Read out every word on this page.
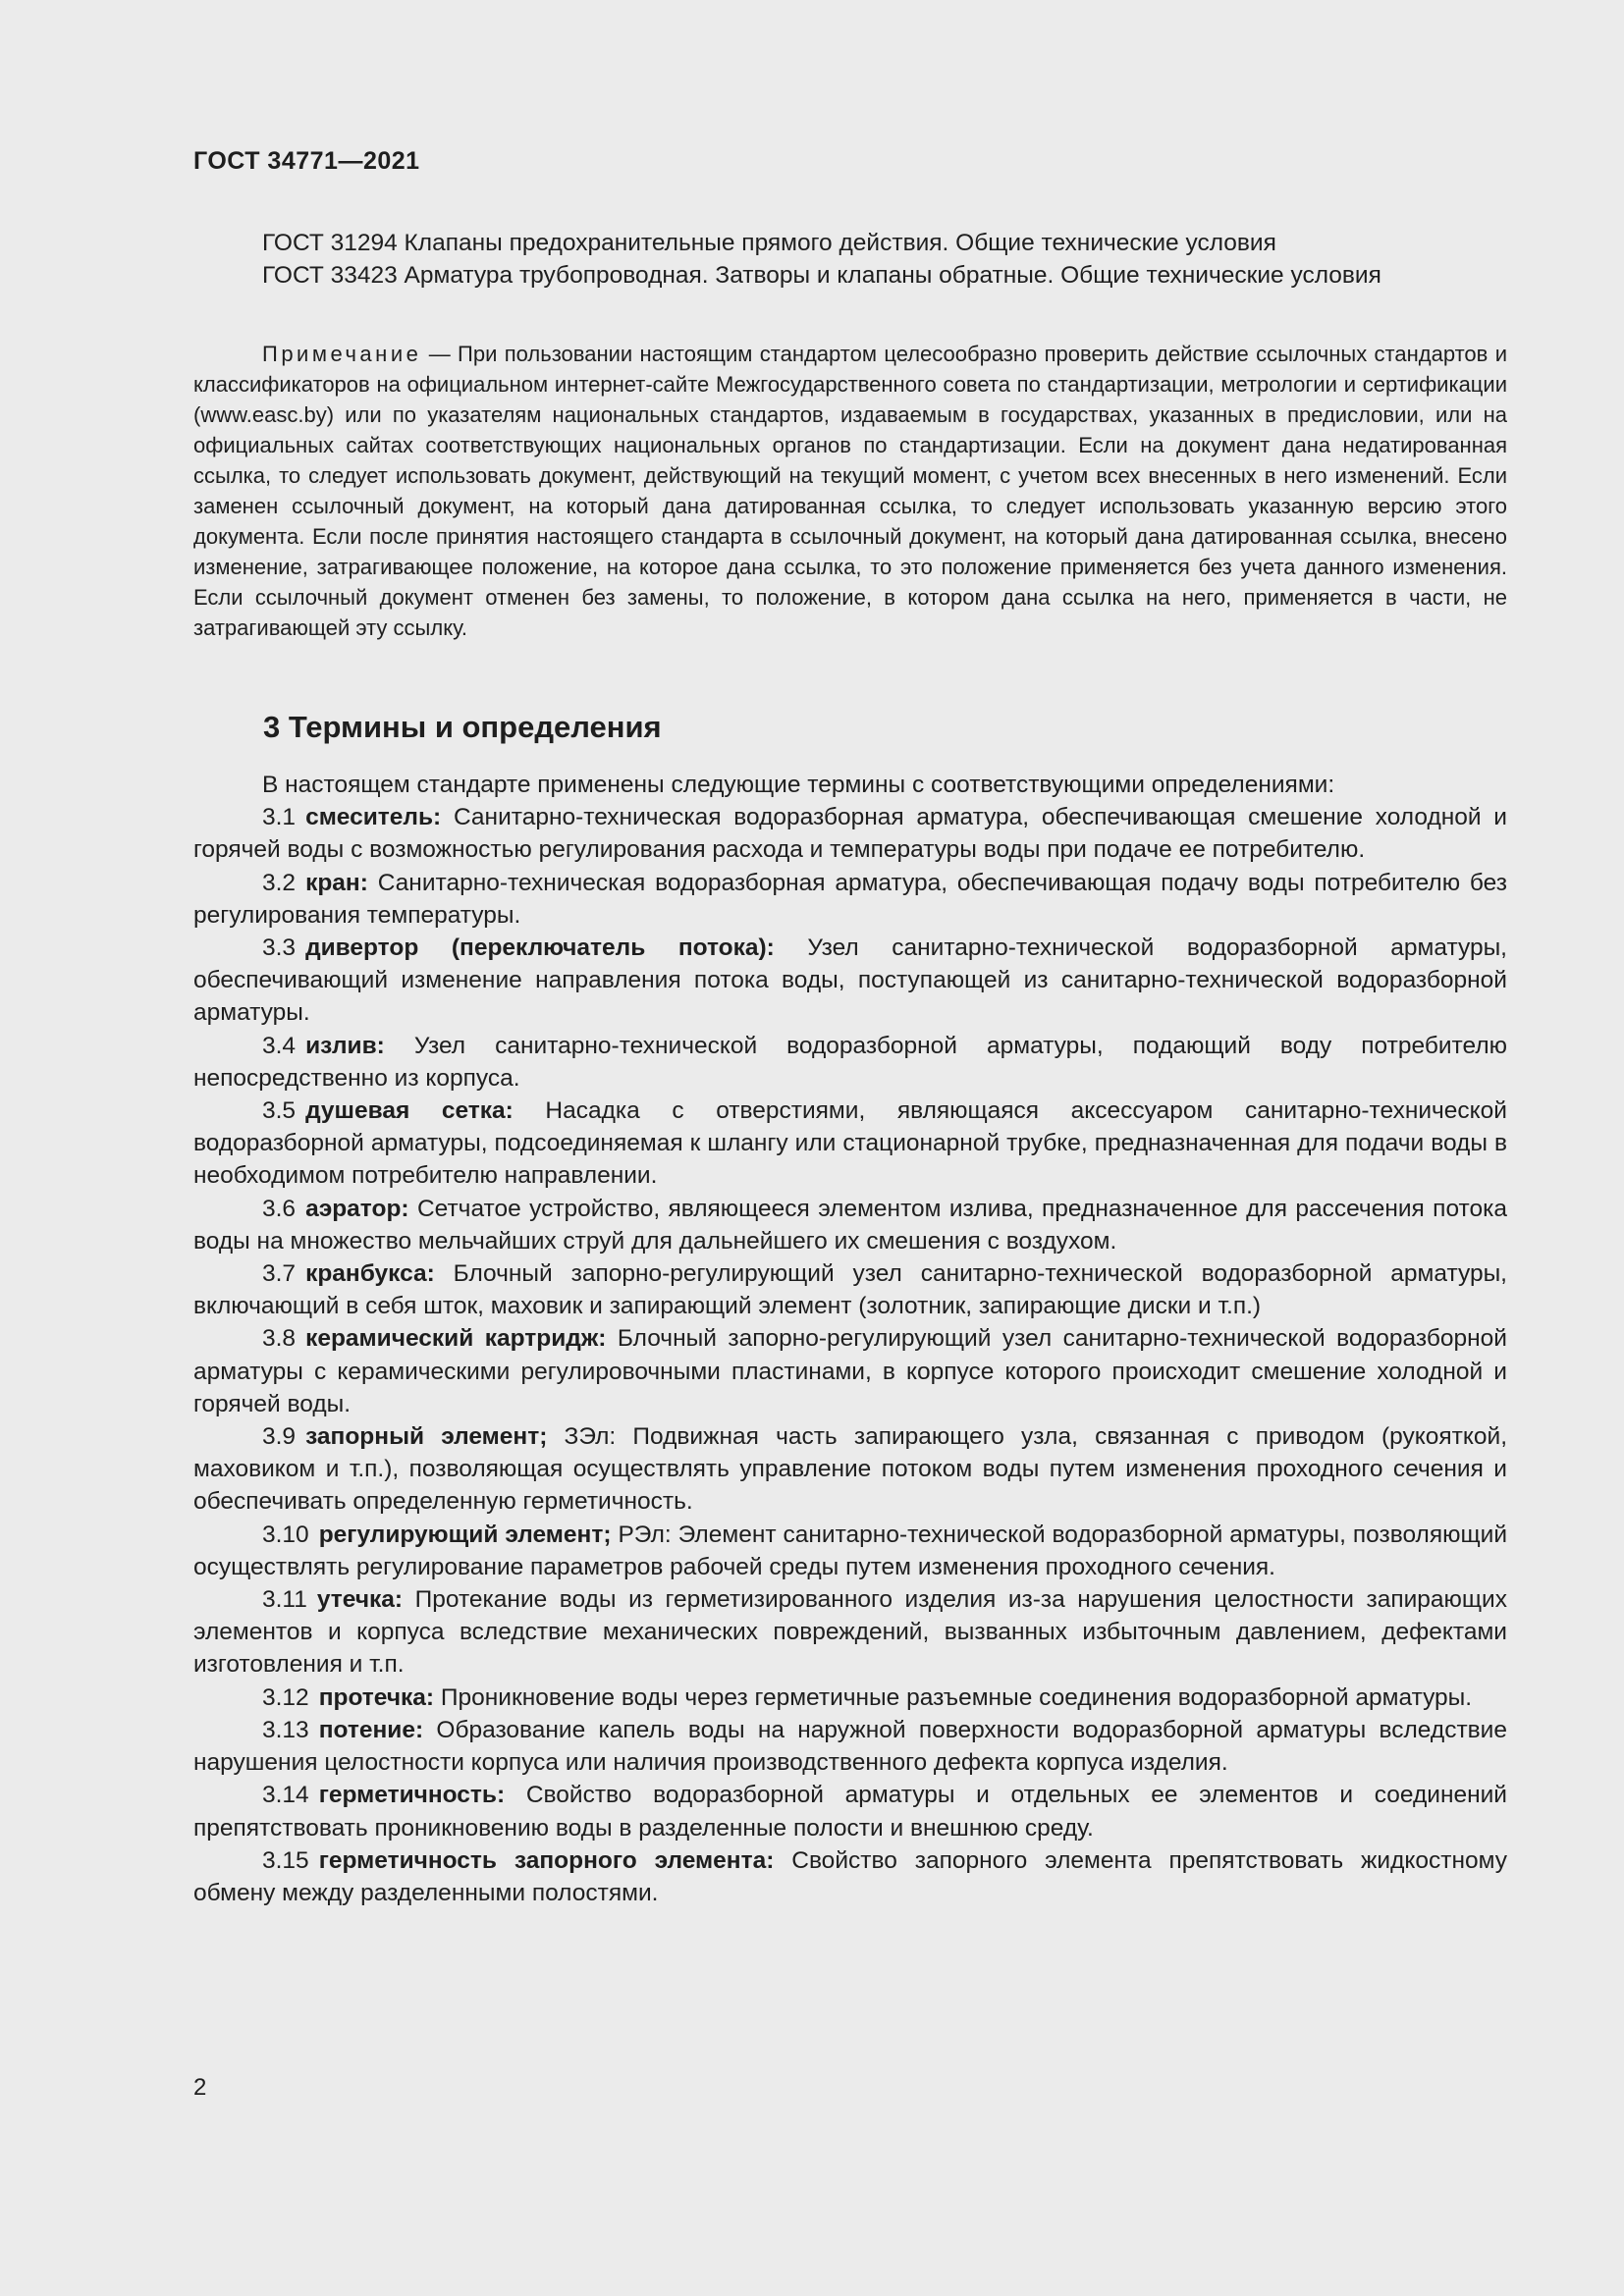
ГОСТ 34771—2021

ГОСТ 31294 Клапаны предохранительные прямого действия. Общие технические условия

ГОСТ 33423 Арматура трубопроводная. Затворы и клапаны обратные. Общие технические условия

Примечание — При пользовании настоящим стандартом целесообразно проверить действие ссылочных стандартов и классификаторов на официальном интернет-сайте Межгосударственного совета по стандартизации, метрологии и сертификации (www.easc.by) или по указателям национальных стандартов, издаваемым в государствах, указанных в предисловии, или на официальных сайтах соответствующих национальных органов по стандартизации. Если на документ дана недатированная ссылка, то следует использовать документ, действующий на текущий момент, с учетом всех внесенных в него изменений. Если заменен ссылочный документ, на который дана датированная ссылка, то следует использовать указанную версию этого документа. Если после принятия настоящего стандарта в ссылочный документ, на который дана датированная ссылка, внесено изменение, затрагивающее положение, на которое дана ссылка, то это положение применяется без учета данного изменения. Если ссылочный документ отменен без замены, то положение, в котором дана ссылка на него, применяется в части, не затрагивающей эту ссылку.
3 Термины и определения

В настоящем стандарте применены следующие термины с соответствующими определениями:

3.1 смеситель: Санитарно-техническая водоразборная арматура, обеспечивающая смешение холодной и горячей воды с возможностью регулирования расхода и температуры воды при подаче ее потребителю.

3.2 кран: Санитарно-техническая водоразборная арматура, обеспечивающая подачу воды потребителю без регулирования температуры.

3.3 дивертор (переключатель потока): Узел санитарно-технической водоразборной арматуры, обеспечивающий изменение направления потока воды, поступающей из санитарно-технической водоразборной арматуры.

3.4 излив: Узел санитарно-технической водоразборной арматуры, подающий воду потребителю непосредственно из корпуса.

3.5 душевая сетка: Насадка с отверстиями, являющаяся аксессуаром санитарно-технической водоразборной арматуры, подсоединяемая к шлангу или стационарной трубке, предназначенная для подачи воды в необходимом потребителю направлении.

3.6 аэратор: Сетчатое устройство, являющееся элементом излива, предназначенное для рассечения потока воды на множество мельчайших струй для дальнейшего их смешения с воздухом.

3.7 кранбукса: Блочный запорно-регулирующий узел санитарно-технической водоразборной арматуры, включающий в себя шток, маховик и запирающий элемент (золотник, запирающие диски и т.п.)

3.8 керамический картридж: Блочный запорно-регулирующий узел санитарно-технической водоразборной арматуры с керамическими регулировочными пластинами, в корпусе которого происходит смешение холодной и горячей воды.

3.9 запорный элемент; ЗЭл: Подвижная часть запирающего узла, связанная с приводом (рукояткой, маховиком и т.п.), позволяющая осуществлять управление потоком воды путем изменения проходного сечения и обеспечивать определенную герметичность.

3.10 регулирующий элемент; РЭл: Элемент санитарно-технической водоразборной арматуры, позволяющий осуществлять регулирование параметров рабочей среды путем изменения проходного сечения.

3.11 утечка: Протекание воды из герметизированного изделия из-за нарушения целостности запирающих элементов и корпуса вследствие механических повреждений, вызванных избыточным давлением, дефектами изготовления и т.п.

3.12 протечка: Проникновение воды через герметичные разъемные соединения водоразборной арматуры.

3.13 потение: Образование капель воды на наружной поверхности водоразборной арматуры вследствие нарушения целостности корпуса или наличия производственного дефекта корпуса изделия.

3.14 герметичность: Свойство водоразборной арматуры и отдельных ее элементов и соединений препятствовать проникновению воды в разделенные полости и внешнюю среду.

3.15 герметичность запорного элемента: Свойство запорного элемента препятствовать жидкостному обмену между разделенными полостями.

2
